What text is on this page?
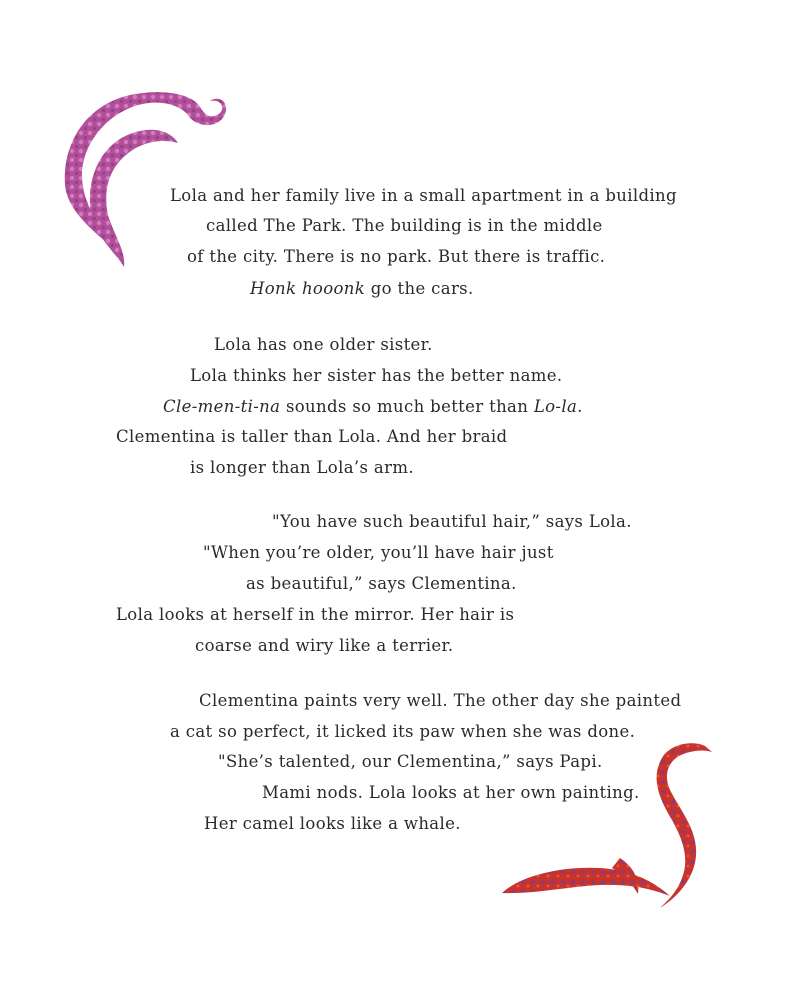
Lola and her family live in a small apartment in a building
called The Park. The building is in the middle
of the city. There is no park. But there is traffic.
Honk hooonk go the cars.
Lola has one older sister.
Lola thinks her sister has the better name.
Cle-men-ti-na sounds so much better than Lo-la.
Clementina is taller than Lola. And her braid
is longer than Lola’s arm.
"You have such beautiful hair,” says Lola.
"When you’re older, you’ll have hair just
as beautiful,” says Clementina.
Lola looks at herself in the mirror. Her hair is
coarse and wiry like a terrier.
Clementina paints very well. The other day she painted
a cat so perfect, it licked its paw when she was done.
"She’s talented, our Clementina,” says Papi.
Mami nods. Lola looks at her own painting.
Her camel looks like a whale.
